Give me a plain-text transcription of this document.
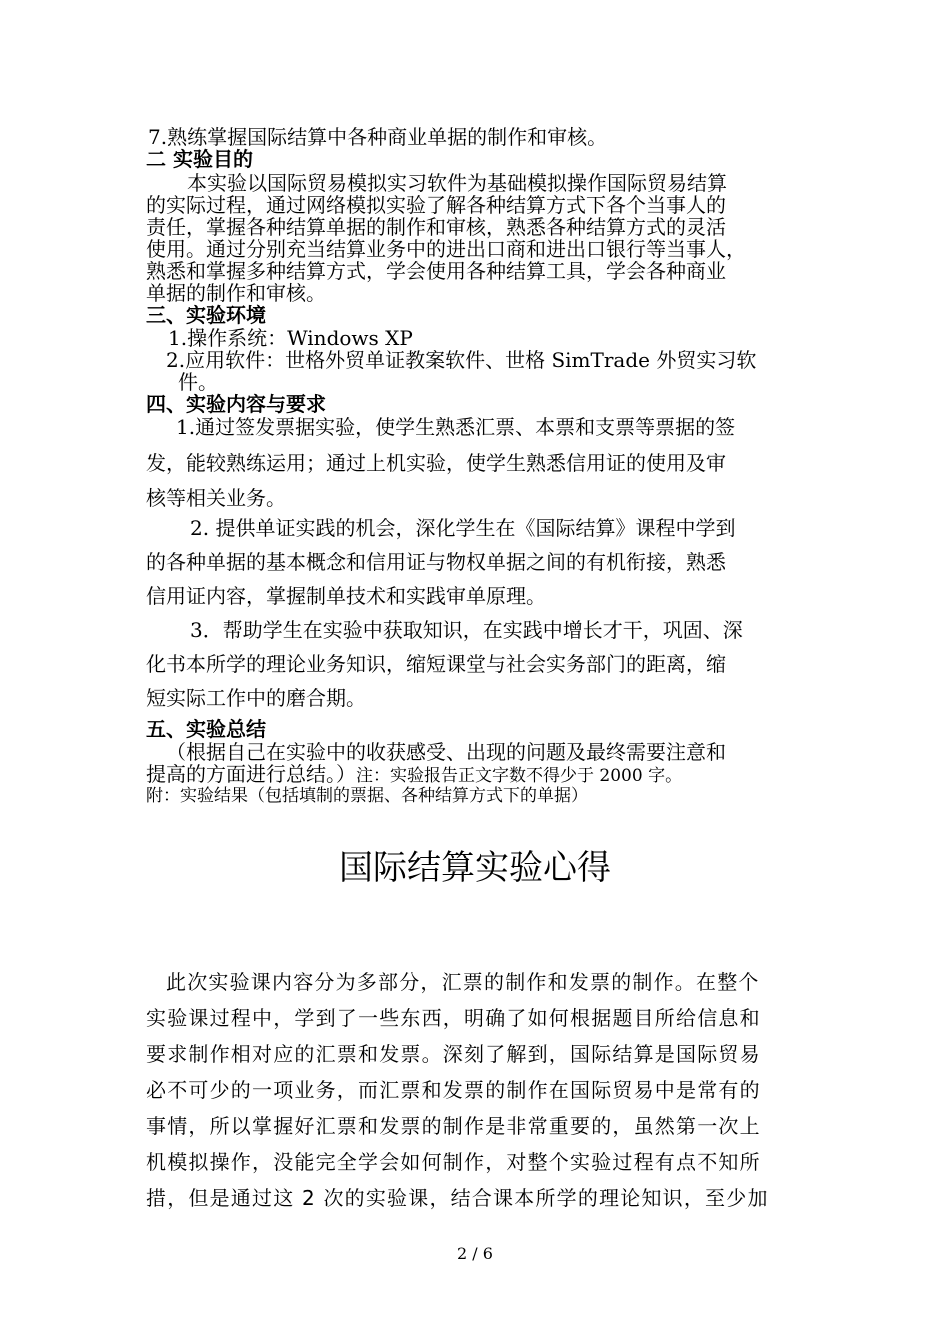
7.熟练掌握国际结算中各种商业单据的制作和审核。
二 实验目的
本实验以国际贸易模拟实习软件为基础模拟操作国际贸易结算
的实际过程，通过网络模拟实验了解各种结算方式下各个当事人的
责任，掌握各种结算单据的制作和审核，熟悉各种结算方式的灵活
使用。通过分别充当结算业务中的进出口商和进出口银行等当事人，
熟悉和掌握多种结算方式，学会使用各种结算工具，学会各种商业
单据的制作和审核。
三、实验环境
1.操作系统：Windows XP
2.应用软件：世格外贸单证教案软件、世格 SimTrade 外贸实习软
件。
四、实验内容与要求
1.通过签发票据实验，使学生熟悉汇票、本票和支票等票据的签
发，能较熟练运用；通过上机实验，使学生熟悉信用证的使用及审
核等相关业务。
2. 提供单证实践的机会，深化学生在《国际结算》课程中学到
的各种单据的基本概念和信用证与物权单据之间的有机衔接，熟悉
信用证内容，掌握制单技术和实践审单原理。
3．帮助学生在实验中获取知识，在实践中增长才干，巩固、深
化书本所学的理论业务知识，缩短课堂与社会实务部门的距离，缩
短实际工作中的磨合期。
五、实验总结
（根据自己在实验中的收获感受、出现的问题及最终需要注意和
提高的方面进行总结。）注：实验报告正文字数不得少于 2000 字。
附：实验结果（包括填制的票据、各种结算方式下的单据）
国际结算实验心得
此次实验课内容分为多部分，汇票的制作和发票的制作。在整个
实验课过程中，学到了一些东西，明确了如何根据题目所给信息和
要求制作相对应的汇票和发票。深刻了解到，国际结算是国际贸易
必不可少的一项业务，而汇票和发票的制作在国际贸易中是常有的
事情，所以掌握好汇票和发票的制作是非常重要的，虽然第一次上
机模拟操作，没能完全学会如何制作，对整个实验过程有点不知所
措，但是通过这 2 次的实验课，结合课本所学的理论知识，至少加
2 / 6
